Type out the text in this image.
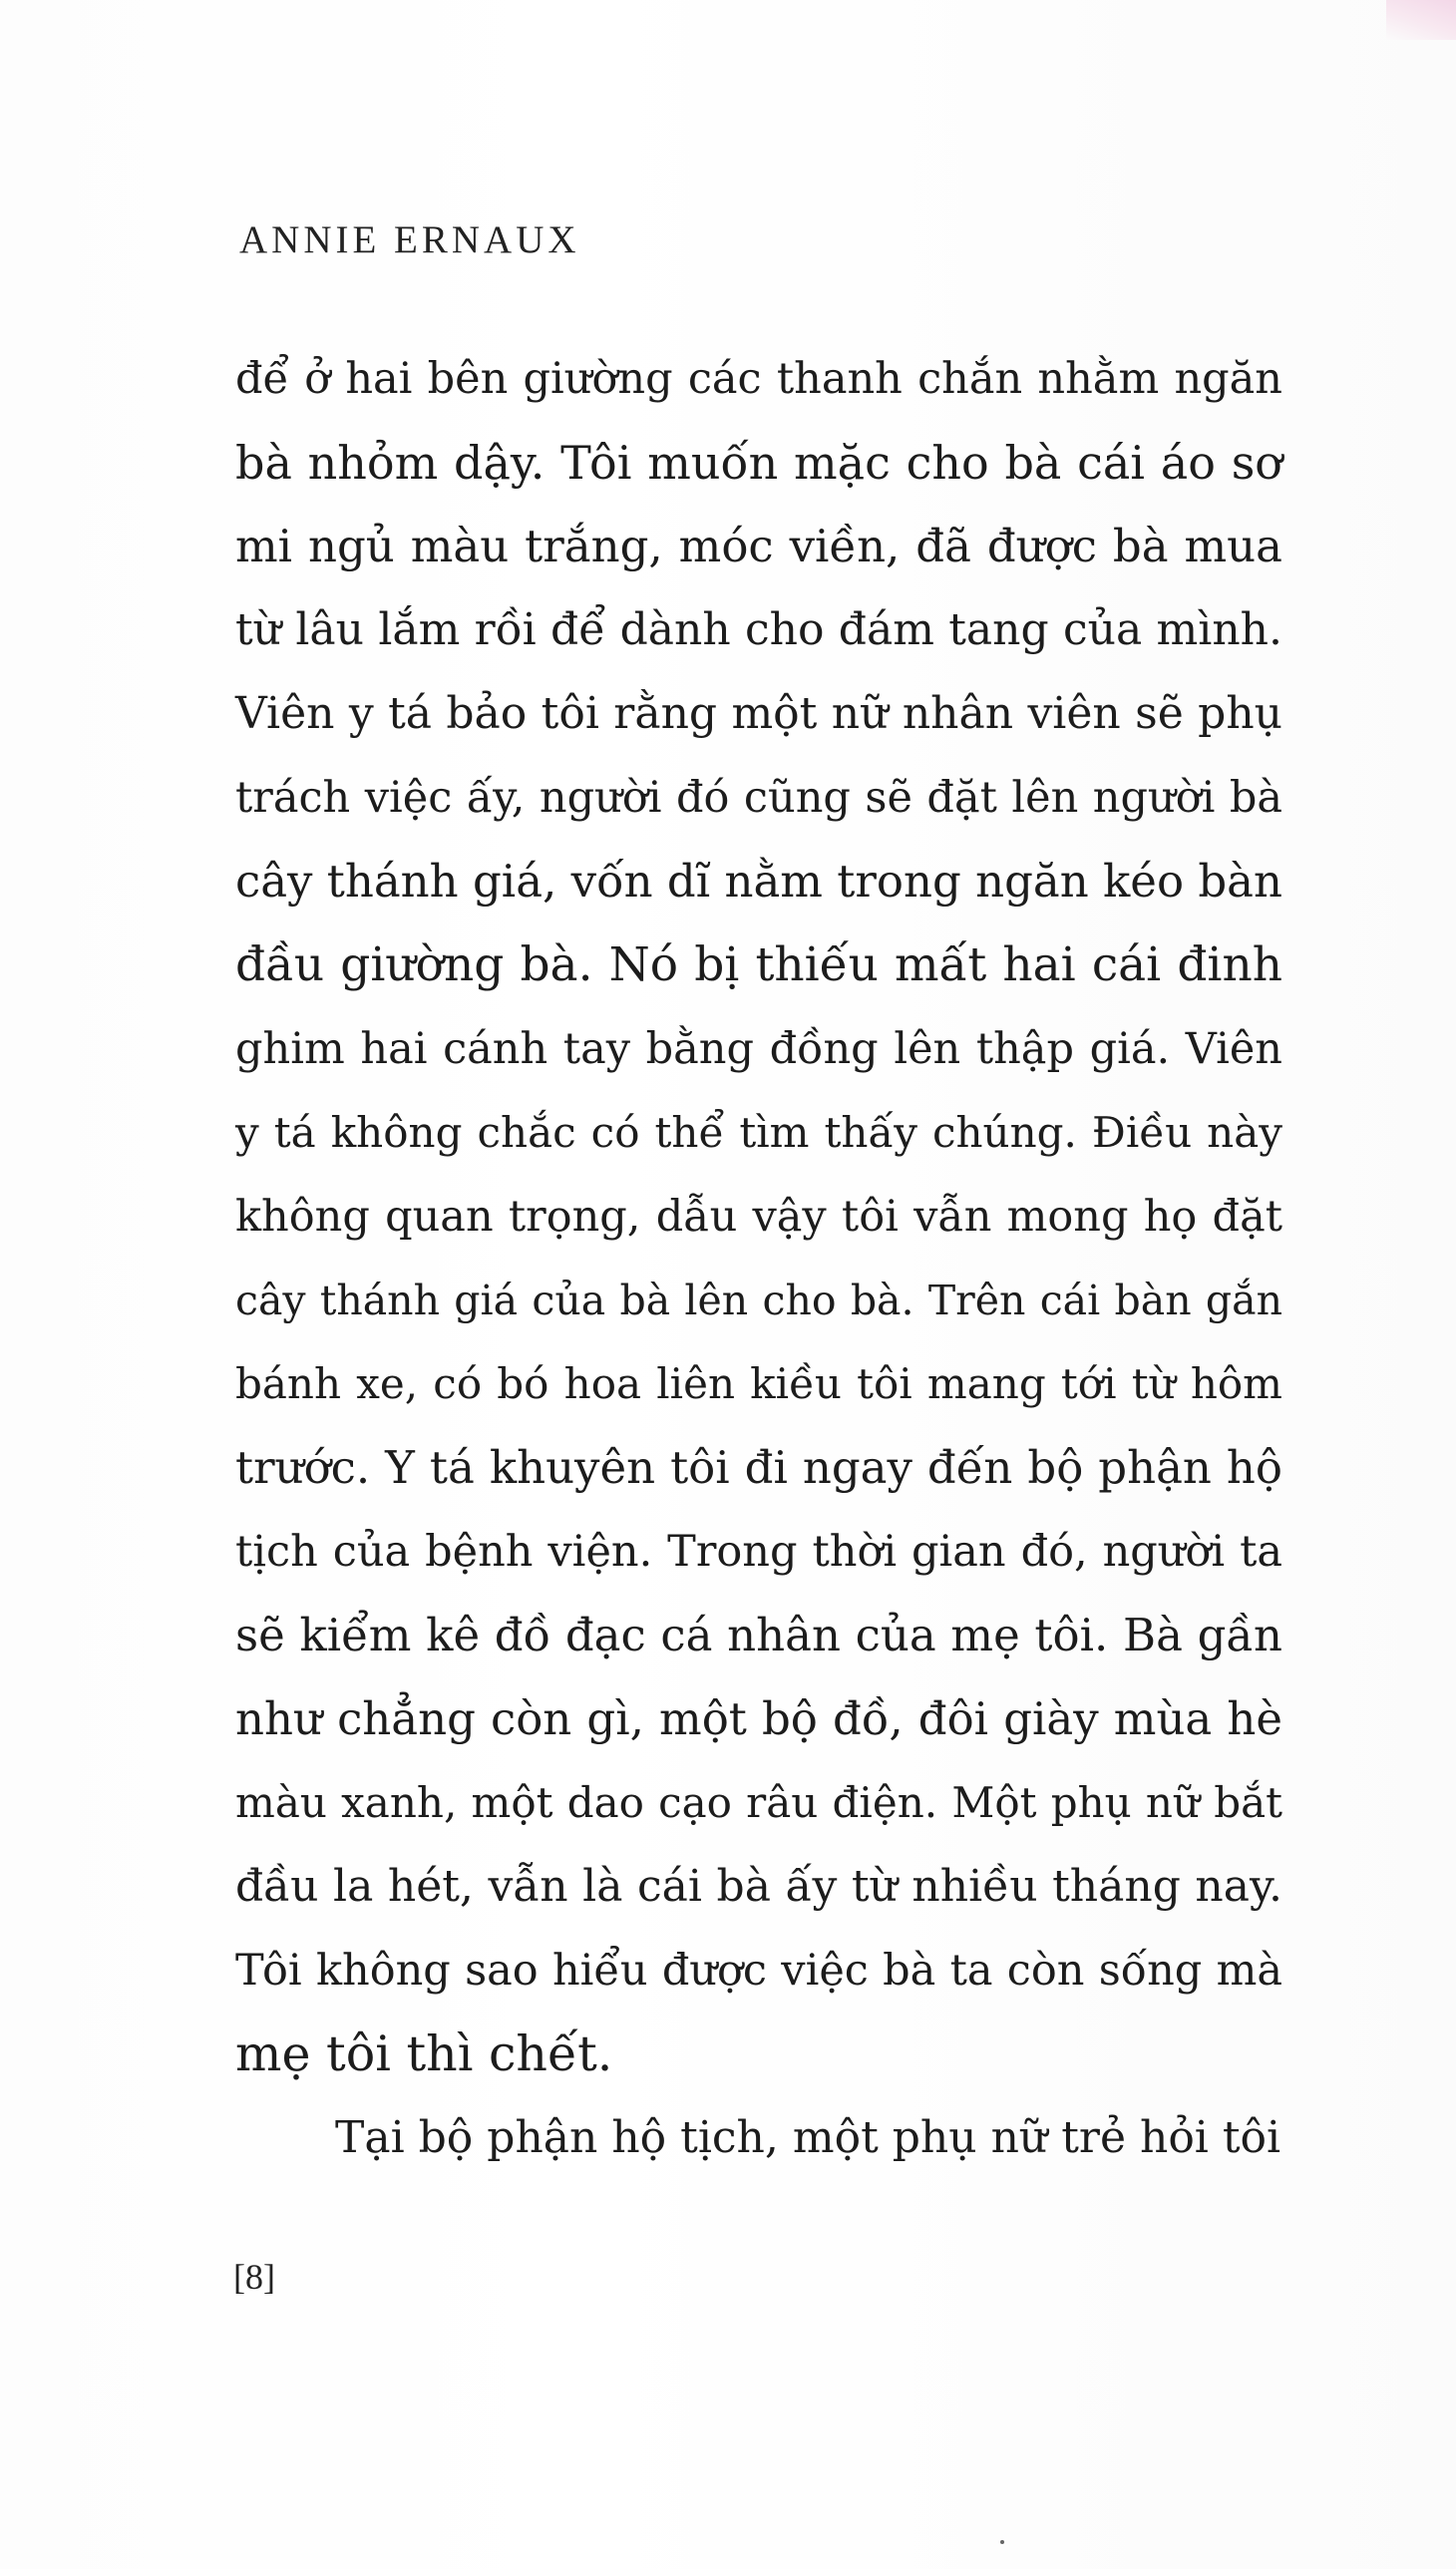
ANNIE ERNAUX
để ở hai bên giường các thanh chắn nhằm ngăn
bà nhỏm dậy. Tôi muốn mặc cho bà cái áo sơ
mi ngủ màu trắng, móc viền, đã được bà mua
từ lâu lắm rồi để dành cho đám tang của mình.
Viên y tá bảo tôi rằng một nữ nhân viên sẽ phụ
trách việc ấy, người đó cũng sẽ đặt lên người bà
cây thánh giá, vốn dĩ nằm trong ngăn kéo bàn
đầu giường bà. Nó bị thiếu mất hai cái đinh
ghim hai cánh tay bằng đồng lên thập giá. Viên
y tá không chắc có thể tìm thấy chúng. Điều này
không quan trọng, dẫu vậy tôi vẫn mong họ đặt
cây thánh giá của bà lên cho bà. Trên cái bàn gắn
bánh xe, có bó hoa liên kiều tôi mang tới từ hôm
trước. Y tá khuyên tôi đi ngay đến bộ phận hộ
tịch của bệnh viện. Trong thời gian đó, người ta
sẽ kiểm kê đồ đạc cá nhân của mẹ tôi. Bà gần
như chẳng còn gì, một bộ đồ, đôi giày mùa hè
màu xanh, một dao cạo râu điện. Một phụ nữ bắt
đầu la hét, vẫn là cái bà ấy từ nhiều tháng nay.
Tôi không sao hiểu được việc bà ta còn sống mà
mẹ tôi thì chết.
Tại bộ phận hộ tịch, một phụ nữ trẻ hỏi tôi
[8]
